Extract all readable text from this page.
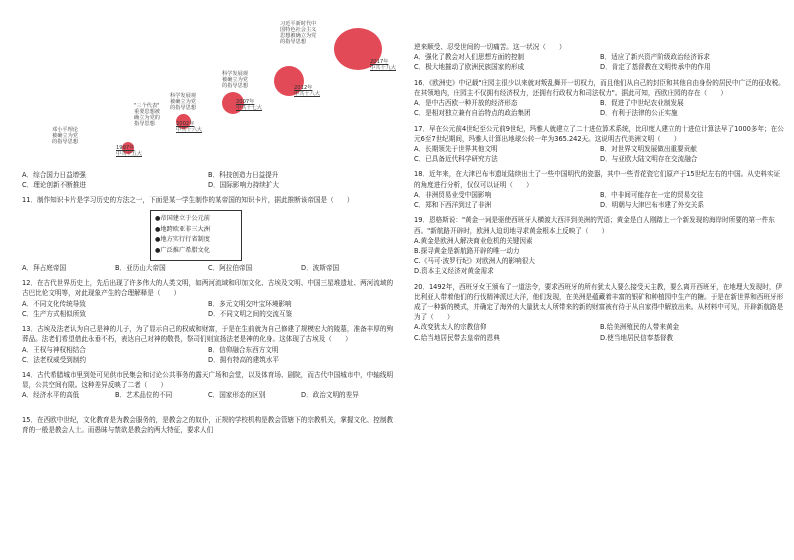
邓小平理论
被确立为党
的指导思想
1997年
中共十五大
"三个代表"
重要思想被
确立为党的
指导思想	2002年
中共十六大
科学发展观
被确立为党
的指导思想
2007年
中共十七大
科学发展观
被确立为党
的指导思想	2012年
中共十八大
习近平新时代中
国特色社会主义
思想被确立为党
的指导思想
2017年
中共十九大
A．综合国力日益增强	B．科技创造力日益提升
C．理论创新不断推进	D．国际影响力持续扩大

11．制作知识卡片是学习历史的方法之一，下面是某一学生制作的某帝国的知识卡片，据此推断该帝国是（　　）

●帝国建立于公元前
●地跨欧亚非三大洲
●地方实行行省制度
●广泛推广希腊文化
A．拜占庭帝国	B．亚历山大帝国	C．阿拉伯帝国	D．波斯帝国

12．在古代世界历史上，先后出现了许多伟大的人类文明，如两河流域和印加文化、古埃及文明、中国三星堆遗址、两河流域的古巴比伦文明等，对此现象产生的合理解释是（　　）

A．不同文化传统导致	B．多元文明交叶宝环境影响
C．生产方式相似所致	D．不同文明之间的交流互鉴

13．古埃及法老认为自己是神的儿子，为了显示自己的权威和财富，于是在生前就为自己修建了规模宏大的陵墓，准备丰厚的殉葬品。法老们希望借此永垂不朽，表达自己对神的敬畏，祭司们则宣扬法老是神的化身。这体现了古埃及（　　）

A．王权与神权相结合	B．信仰融合东西方文明
C．法老权威受到制约	D．拥有特高的建筑水平

14．古代希腊城市里到处可见供市民集会和讨论公共事务的露天广场和会堂，以及体育场、剧院，而古代中国城市中，中轴线明显，公共空间有限。这种差异反映了二者（　　）

A．经济水平的高低	B．艺术品位的不同	C．国家形态的区别	D．政治文明的差异

15．在西欧中世纪，文化教育是为教会服务的，是教会之的奴仆，正规的学校机构是教会管辖下的宗教机关，掌握文化、控制教育的一般是教会人士。而愚昧与禁欲是教会的两大特征，要求人们

逆来顺受、忍受世间的一切痛苦。这一状况（　　）

A．强化了教会对人们思想方面的控制	B．适应了新兴资产阶级政治经济诉求
C．极大地摧动了欧洲民族国家的形成	D．肯定了基督教在文明传承中的作用

16．《欧洲史》中记载"庄园主很少以来就对叛乱舞开一切权力，而且他们从自己的封臣和其他自由身份的居民中广泛的征收税。在其领地内，庄园主不仅拥有经济权力，还拥有行政权力和司法权力"。据此可知，西欧庄园的存在（　　）

A．是中古西欧一种开放的经济形态	B．促进了中世纪农业制发展
C．是相对独立兼有自治特点的政治集团	D．有利于法律的公正实施

17．早在公元前4世纪至公元前9世纪，玛雅人就建立了二十进位算术系统，比印度人建立的十进位计算法早了1000多年；在公元6至7世纪期间，玛雅人计算出地球公转一年为365.242天。这说明古代美洲文明（　　）

A．长期领先于世界其他文明	B．对世界文明发展做出重要贡献
C．已具备近代科学研究方法	D．与亚欧大陆文明存在交流融合

18．近年来，在大津巴布韦遗址陆续出土了一些中国明代的瓷器，其中一些青花瓷它们原产于15世纪左右的中国。从史料实证的角度进行分析，仅仅可以证明（　　）

A．非洲贸易业受中国影响	B．中非间可能存在一定的贸易交往
C．郑和下西洋到过了非洲	D．明朝与大津巴布韦建了外交关系

19．恩格斯说："黄金一词是驱使西班牙人横渡大西洋到美洲的咒语；黄金是白人刚踏上一个新发现的海岸时所要的第一件东西。"新航路开辟时，欧洲人迫切地寻求黄金根本上反映了（　　）

A.黄金是欧洲人解决商业危机的关键因素

B.探寻黄金是新航路开辟的唯一动力

C.《马可·波罗行纪》对欧洲人的影响很大

D.资本主义经济对黄金需求

20．1492年，西班牙女王颁布了一道法令，要求西班牙的所有犹太人要么接受天主教，要么离开西班牙，在地理大发现时，伊比利亚人带着他们的行伐精神派过大洋，他们发现，在美洲是蕴藏着丰富的银矿和种植园中生产的糖。于是在新世界和西班牙形成了一种新的模式，并确定了海外的大量犹太人所带来的新的财富被有待于从自家得中解放出来。从材料中可见，开辟新航路是为了（　　）

A.改变犹太人的宗教信仰	B.给美洲殖民的人带来黄金
C.给当地居民带去皇帝的恩典	D.使当地居民信奉基督教
